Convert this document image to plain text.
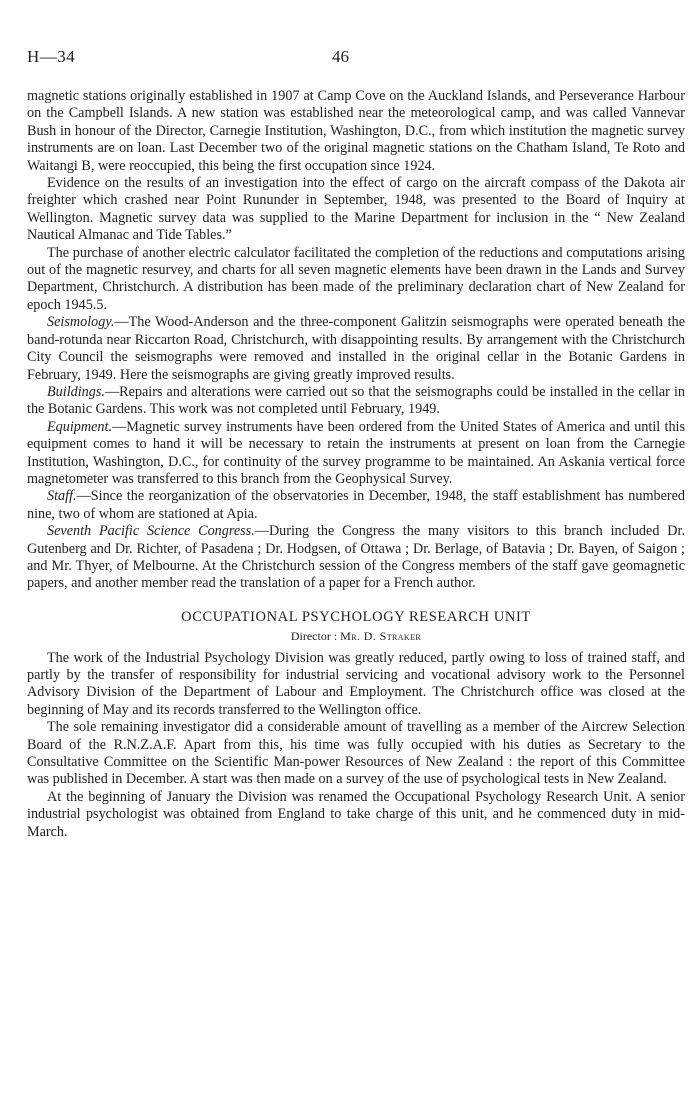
H—34	46

magnetic stations originally established in 1907 at Camp Cove on the Auckland Islands, and Perseverance Harbour on the Campbell Islands. A new station was established near the meteorological camp, and was called Vannevar Bush in honour of the Director, Carnegie Institution, Washington, D.C., from which institution the magnetic survey instruments are on loan. Last December two of the original magnetic stations on the Chatham Island, Te Roto and Waitangi B, were reoccupied, this being the first occupation since 1924.

Evidence on the results of an investigation into the effect of cargo on the aircraft compass of the Dakota air freighter which crashed near Point Rununder in September, 1948, was presented to the Board of Inquiry at Wellington. Magnetic survey data was supplied to the Marine Department for inclusion in the “ New Zealand Nautical Almanac and Tide Tables.”

The purchase of another electric calculator facilitated the completion of the reductions and computations arising out of the magnetic resurvey, and charts for all seven magnetic elements have been drawn in the Lands and Survey Department, Christchurch. A distribution has been made of the preliminary declaration chart of New Zealand for epoch 1945.5.

Seismology.—The Wood-Anderson and the three-component Galitzin seismographs were operated beneath the band-rotunda near Riccarton Road, Christchurch, with disappointing results. By arrangement with the Christchurch City Council the seismographs were removed and installed in the original cellar in the Botanic Gardens in February, 1949. Here the seismographs are giving greatly improved results.

Buildings.—Repairs and alterations were carried out so that the seismographs could be installed in the cellar in the Botanic Gardens. This work was not completed until February, 1949.

Equipment.—Magnetic survey instruments have been ordered from the United States of America and until this equipment comes to hand it will be necessary to retain the instruments at present on loan from the Carnegie Institution, Washington, D.C., for continuity of the survey programme to be maintained. An Askania vertical force magnetometer was transferred to this branch from the Geophysical Survey.

Staff.—Since the reorganization of the observatories in December, 1948, the staff establishment has numbered nine, two of whom are stationed at Apia.

Seventh Pacific Science Congress.—During the Congress the many visitors to this branch included Dr. Gutenberg and Dr. Richter, of Pasadena ; Dr. Hodgsen, of Ottawa ; Dr. Berlage, of Batavia ; Dr. Bayen, of Saigon ; and Mr. Thyer, of Melbourne. At the Christchurch session of the Congress members of the staff gave geomagnetic papers, and another member read the translation of a paper for a French author.

OCCUPATIONAL PSYCHOLOGY RESEARCH UNIT
Director : Mr. D. Straker

The work of the Industrial Psychology Division was greatly reduced, partly owing to loss of trained staff, and partly by the transfer of responsibility for industrial servicing and vocational advisory work to the Personnel Advisory Division of the Department of Labour and Employment. The Christchurch office was closed at the beginning of May and its records transferred to the Wellington office.

The sole remaining investigator did a considerable amount of travelling as a member of the Aircrew Selection Board of the R.N.Z.A.F. Apart from this, his time was fully occupied with his duties as Secretary to the Consultative Committee on the Scientific Man-power Resources of New Zealand : the report of this Committee was published in December. A start was then made on a survey of the use of psychological tests in New Zealand.

At the beginning of January the Division was renamed the Occupational Psychology Research Unit. A senior industrial psychologist was obtained from England to take charge of this unit, and he commenced duty in mid-March.
